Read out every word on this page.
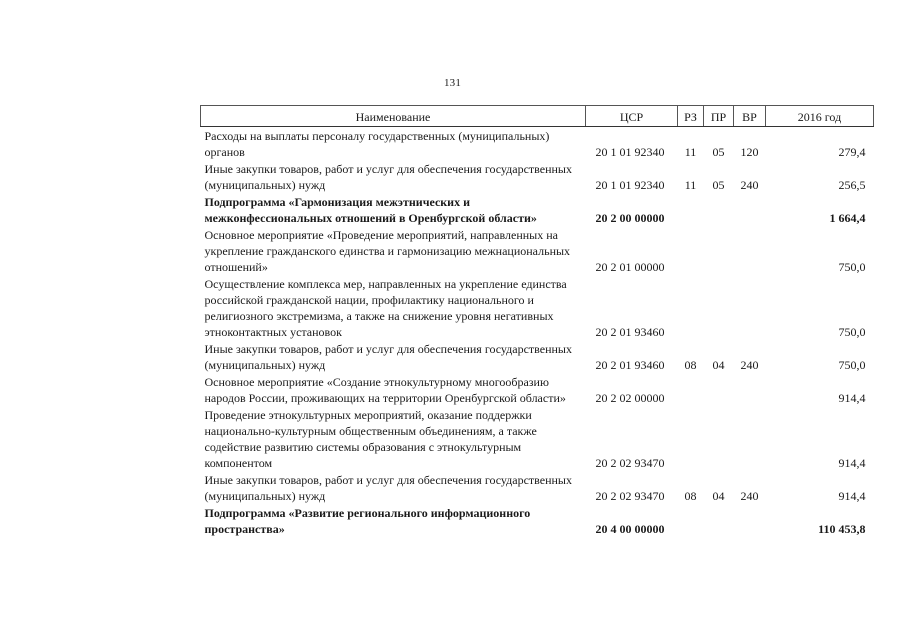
131
Наименование	ЦСР	РЗ	ПР	ВР	2016 год
Расходы на выплаты персоналу государственных (муниципальных) органов	20 1 01 92340	11	05	120	279,4
Иные закупки товаров, работ и услуг для обеспечения государственных (муниципальных) нужд	20 1 01 92340	11	05	240	256,5
Подпрограмма «Гармонизация межэтнических и межконфессиональных отношений в Оренбургской области»	20 2 00 00000				1 664,4
Основное мероприятие «Проведение мероприятий, направленных на укрепление гражданского единства и гармонизацию межнациональных отношений»	20 2 01 00000				750,0
Осуществление комплекса мер, направленных на укрепление единства российской гражданской нации, профилактику национального и религиозного экстремизма, а также на снижение уровня негативных этноконтактных установок	20 2 01 93460				750,0
Иные закупки товаров, работ и услуг для обеспечения государственных (муниципальных) нужд	20 2 01 93460	08	04	240	750,0
Основное мероприятие «Создание этнокультурному многообразию народов России, проживающих на территории Оренбургской области»	20 2 02 00000				914,4
Проведение этнокультурных мероприятий, оказание поддержки национально-культурным общественным объединениям, а также содействие развитию системы образования с этнокультурным компонентом	20 2 02 93470				914,4
Иные закупки товаров, работ и услуг для обеспечения государственных (муниципальных) нужд	20 2 02 93470	08	04	240	914,4
Подпрограмма «Развитие регионального информационного пространства»	20 4 00 00000				110 453,8
